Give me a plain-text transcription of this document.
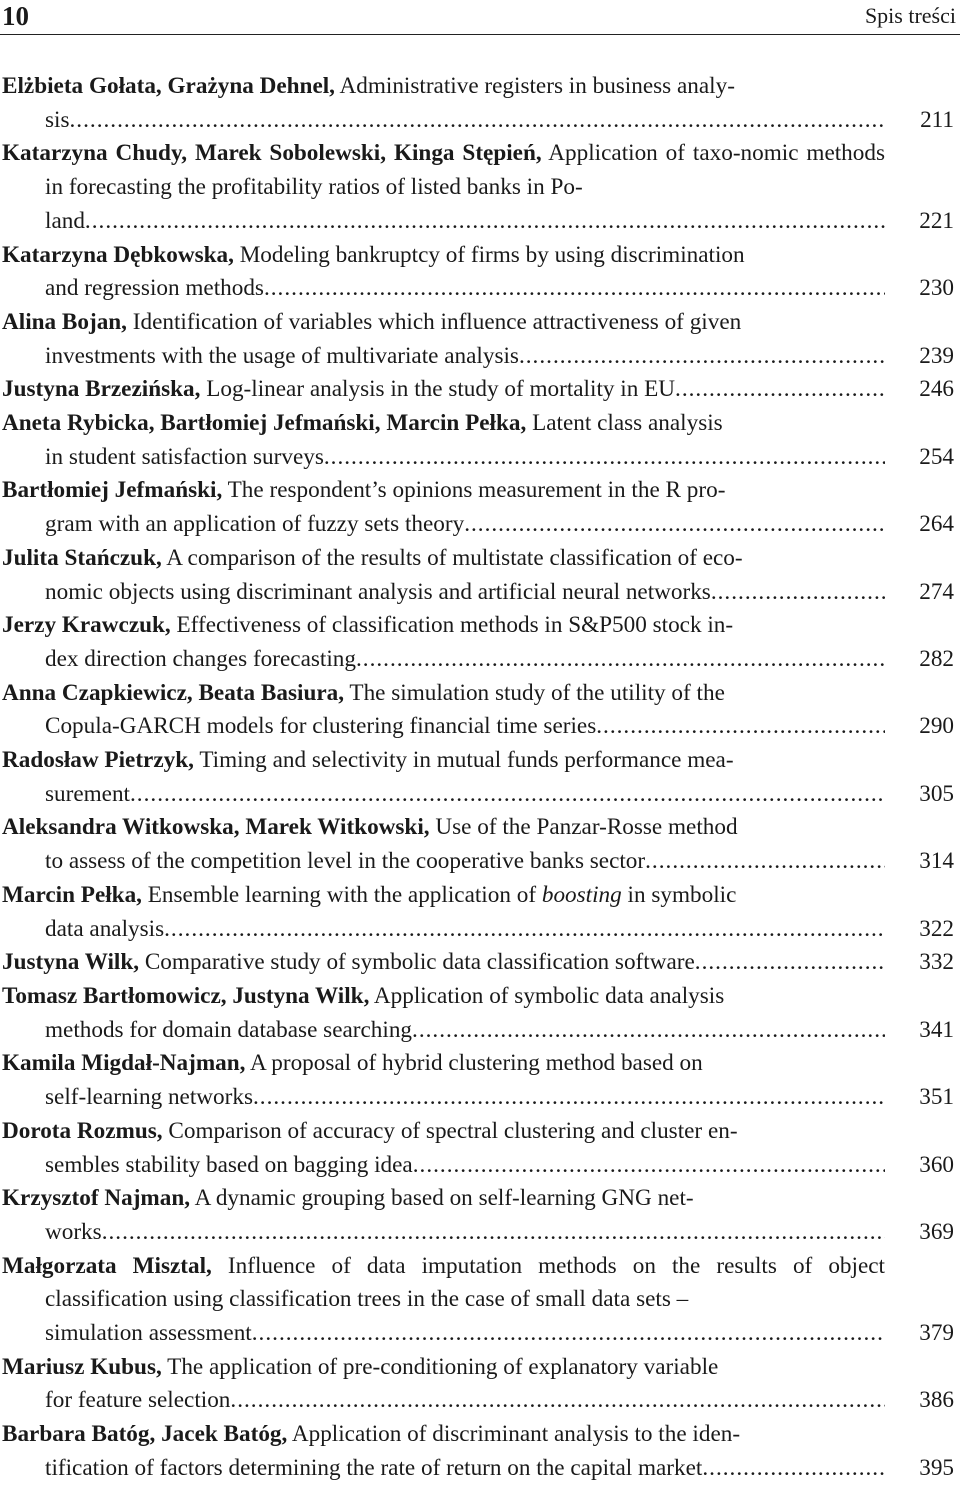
10	Spis treści
Elżbieta Gołata, Grażyna Dehnel, Administrative registers in business analy-
sis .....	211
Katarzyna Chudy, Marek Sobolewski, Kinga Stępień, Application of taxo-nomic methods in forecasting the profitability ratios of listed banks in Po-
land .....	221
Katarzyna Dębkowska, Modeling bankruptcy of firms by using discrimination
and regression methods .....	230
Alina Bojan, Identification of variables which influence attractiveness of given
investments with the usage of multivariate analysis .....	239
Justyna Brzezińska, Log-linear analysis in the study of mortality in EU .....	246
Aneta Rybicka, Bartłomiej Jefmański, Marcin Pełka, Latent class analysis
in student satisfaction surveys .....	254
Bartłomiej Jefmański, The respondent’s opinions measurement in the R pro-
gram with an application of fuzzy sets theory .....	264
Julita Stańczuk, A comparison of the results of multistate classification of eco-
nomic objects using discriminant analysis and artificial neural networks .....	274
Jerzy Krawczuk, Effectiveness of classification methods in S&P500 stock in-
dex direction changes forecasting .....	282
Anna Czapkiewicz, Beata Basiura, The simulation study of the utility of the
Copula-GARCH models for clustering financial time series .....	290
Radosław Pietrzyk, Timing and selectivity in mutual funds performance mea-
surement .....	305
Aleksandra Witkowska, Marek Witkowski, Use of the Panzar-Rosse method
to assess of the competition level in the cooperative banks sector .....	314
Marcin Pełka, Ensemble learning with the application of boosting in symbolic
data analysis .....	322
Justyna Wilk, Comparative study of symbolic data classification software .....	332
Tomasz Bartłomowicz, Justyna Wilk, Application of symbolic data analysis
methods for domain database searching .....	341
Kamila Migdał-Najman, A proposal of hybrid clustering method based on
self-learning networks .....	351
Dorota Rozmus, Comparison of accuracy of spectral clustering and cluster en-
sembles stability based on bagging idea .....	360
Krzysztof Najman, A dynamic grouping based on self-learning GNG net-
works .....	369
Małgorzata Misztal, Influence of data imputation methods on the results of object classification using classification trees in the case of small data sets –
simulation assessment .....	379
Mariusz Kubus, The application of pre-conditioning of explanatory variable
for feature selection .....	386
Barbara Batóg, Jacek Batóg, Application of discriminant analysis to the iden-
tification of factors determining the rate of return on the capital market .....	395
